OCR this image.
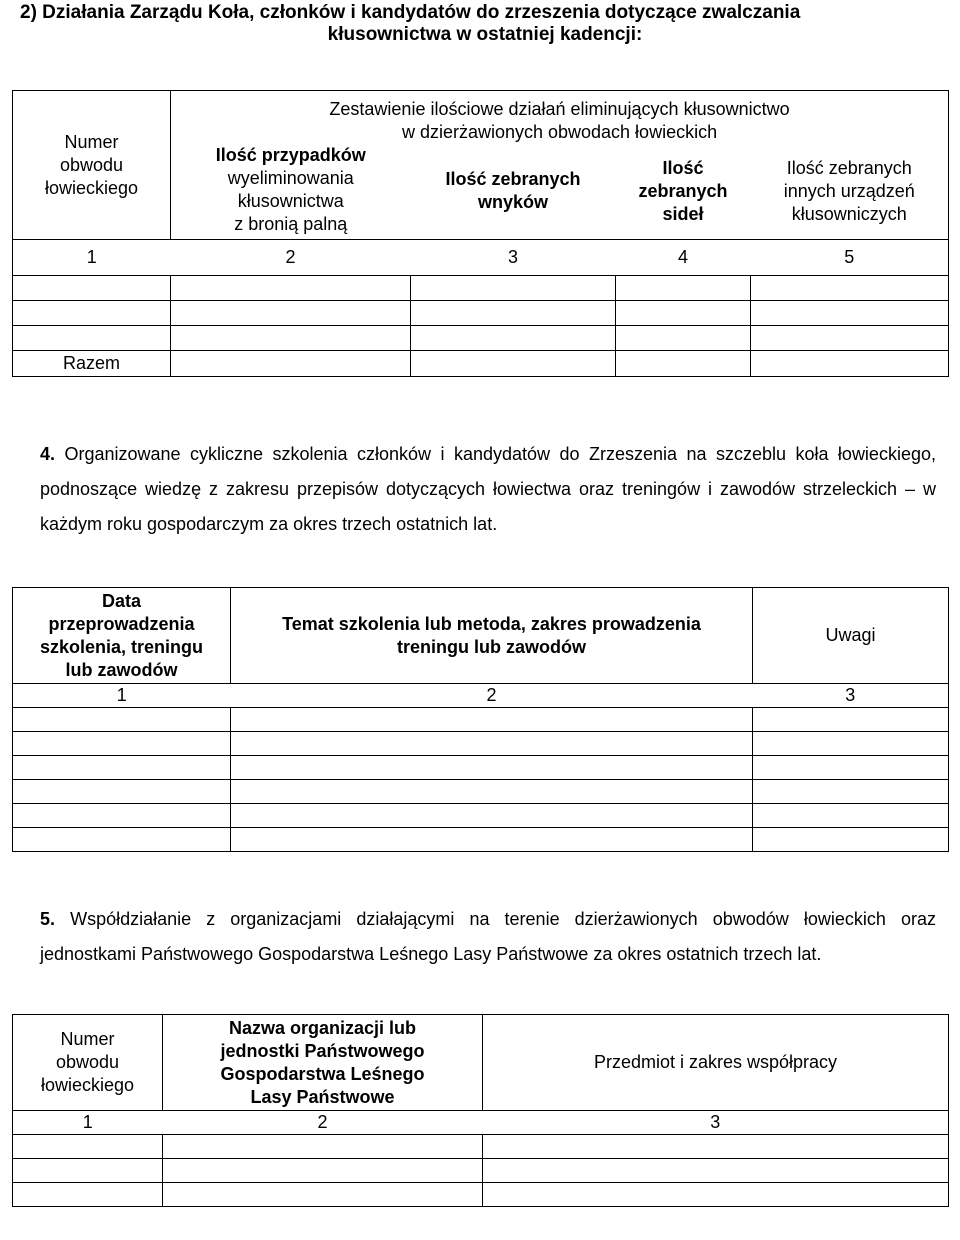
2) Działania Zarządu Koła, członków i kandydatów do zrzeszenia dotyczące zwalczania
kłusownictwa w ostatniej kadencji:
Numer
obwodu
łowieckiego	Zestawienie ilościowe działań eliminujących kłusownictwo
w dzierżawionych obwodach łowieckich			
	Ilość przypadków
wyeliminowania
kłusownictwa
z bronią palną	Ilość zebranych
wnyków	Ilość
zebranych
sideł	Ilość zebranych
innych urządzeń
kłusowniczych
1	2	3	4	5

Razem				
4. Organizowane cykliczne szkolenia członków i kandydatów do Zrzeszenia na szczeblu koła łowieckiego, podnoszące wiedzę z zakresu przepisów dotyczących łowiectwa oraz treningów i zawodów strzeleckich – w każdym roku gospodarczym za okres trzech ostatnich lat.
Data
przeprowadzenia
szkolenia, treningu
lub zawodów	Temat szkolenia lub metoda, zakres prowadzenia
treningu lub zawodów	Uwagi
1	2	3

5. Współdziałanie z organizacjami działającymi na terenie dzierżawionych obwodów łowieckich oraz jednostkami Państwowego Gospodarstwa Leśnego Lasy Państwowe za okres ostatnich trzech lat.
Numer
obwodu
łowieckiego	Nazwa organizacji lub
jednostki Państwowego
Gospodarstwa Leśnego
Lasy Państwowe	Przedmiot i zakres współpracy
1	2	3
